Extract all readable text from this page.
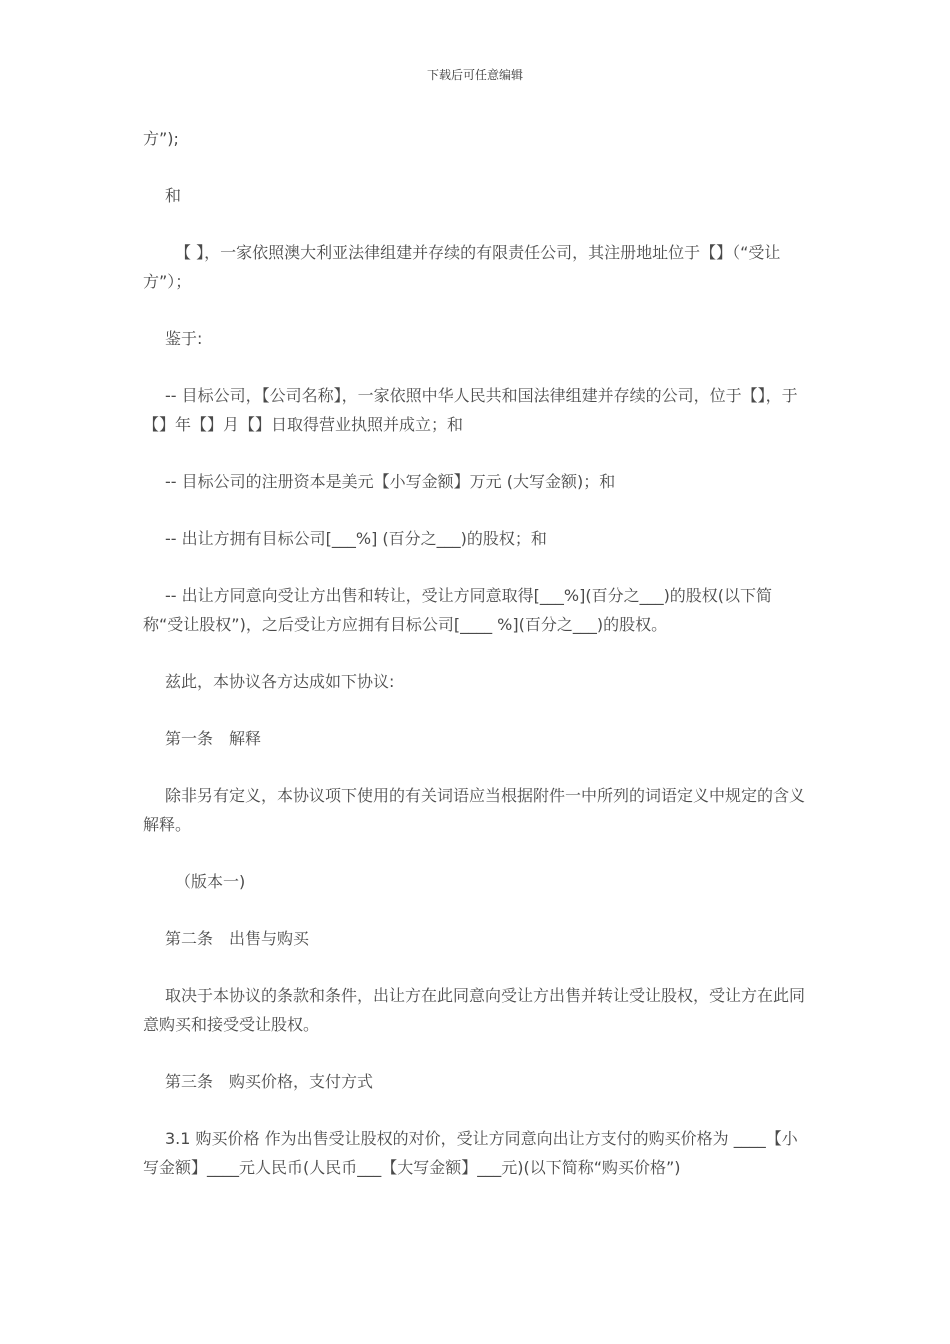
下载后可任意编辑

方”);

和

【 】，一家依照澳大利亚法律组建并存续的有限责任公司，其注册地址位于【】（“受让方”）；

鉴于:

-- 目标公司，【公司名称】，一家依照中华人民共和国法律组建并存续的公司，位于【】，于【】年【】月【】日取得营业执照并成立；和

-- 目标公司的注册资本是美元【小写金额】万元 (大写金额)；和

-- 出让方拥有目标公司[___%] (百分之___)的股权；和

-- 出让方同意向受让方出售和转让，受让方同意取得[___%](百分之___)的股权(以下简称“受让股权”)，之后受让方应拥有目标公司[____ %](百分之___)的股权。

兹此，本协议各方达成如下协议:

第一条　解释

除非另有定义，本协议项下使用的有关词语应当根据附件一中所列的词语定义中规定的含义解释。

（版本一)

第二条　出售与购买

取决于本协议的条款和条件，出让方在此同意向受让方出售并转让受让股权，受让方在此同意购买和接受受让股权。

第三条　购买价格，支付方式

3.1 购买价格 作为出售受让股权的对价，受让方同意向出让方支付的购买价格为 ____【小写金额】____元人民币(人民币___【大写金额】___元)(以下简称“购买价格”)
